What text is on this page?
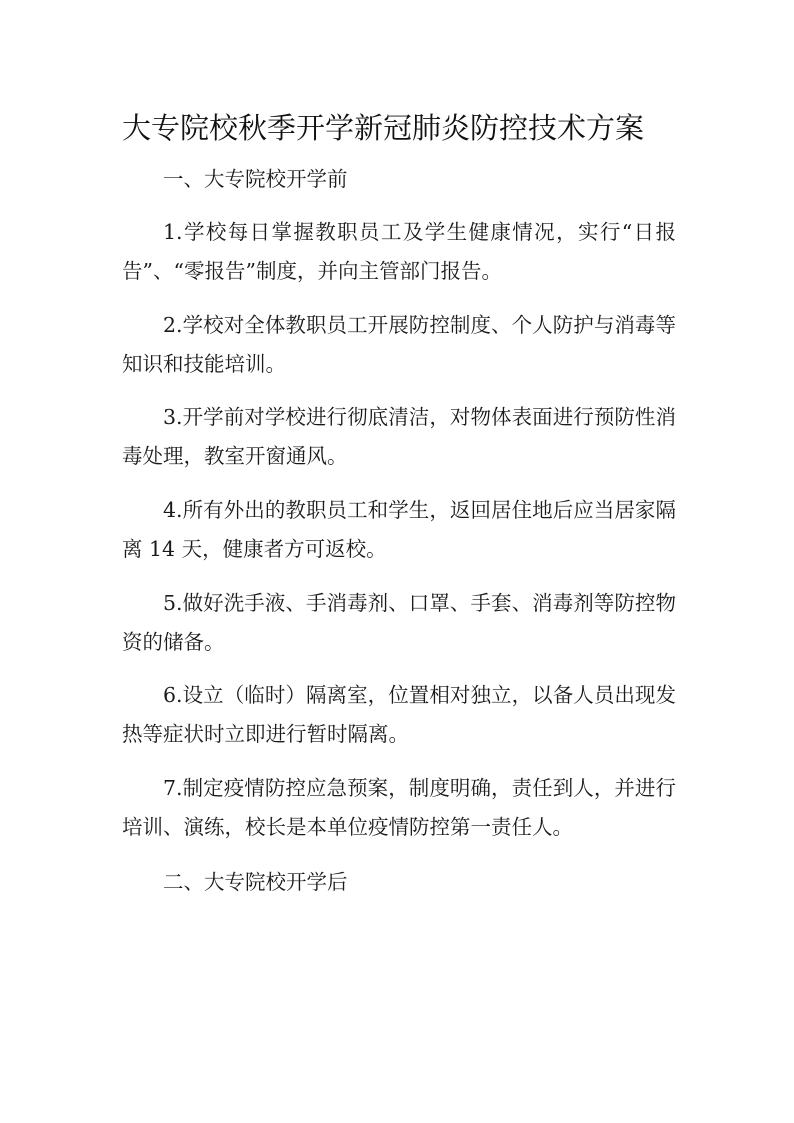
大专院校秋季开学新冠肺炎防控技术方案

一、大专院校开学前

1.学校每日掌握教职员工及学生健康情况，实行“日报告”、“零报告”制度，并向主管部门报告。

2.学校对全体教职员工开展防控制度、个人防护与消毒等知识和技能培训。

3.开学前对学校进行彻底清洁，对物体表面进行预防性消毒处理，教室开窗通风。

4.所有外出的教职员工和学生，返回居住地后应当居家隔离 14 天，健康者方可返校。

5.做好洗手液、手消毒剂、口罩、手套、消毒剂等防控物资的储备。

6.设立（临时）隔离室，位置相对独立，以备人员出现发热等症状时立即进行暂时隔离。

7.制定疫情防控应急预案，制度明确，责任到人，并进行培训、演练，校长是本单位疫情防控第一责任人。

二、大专院校开学后
